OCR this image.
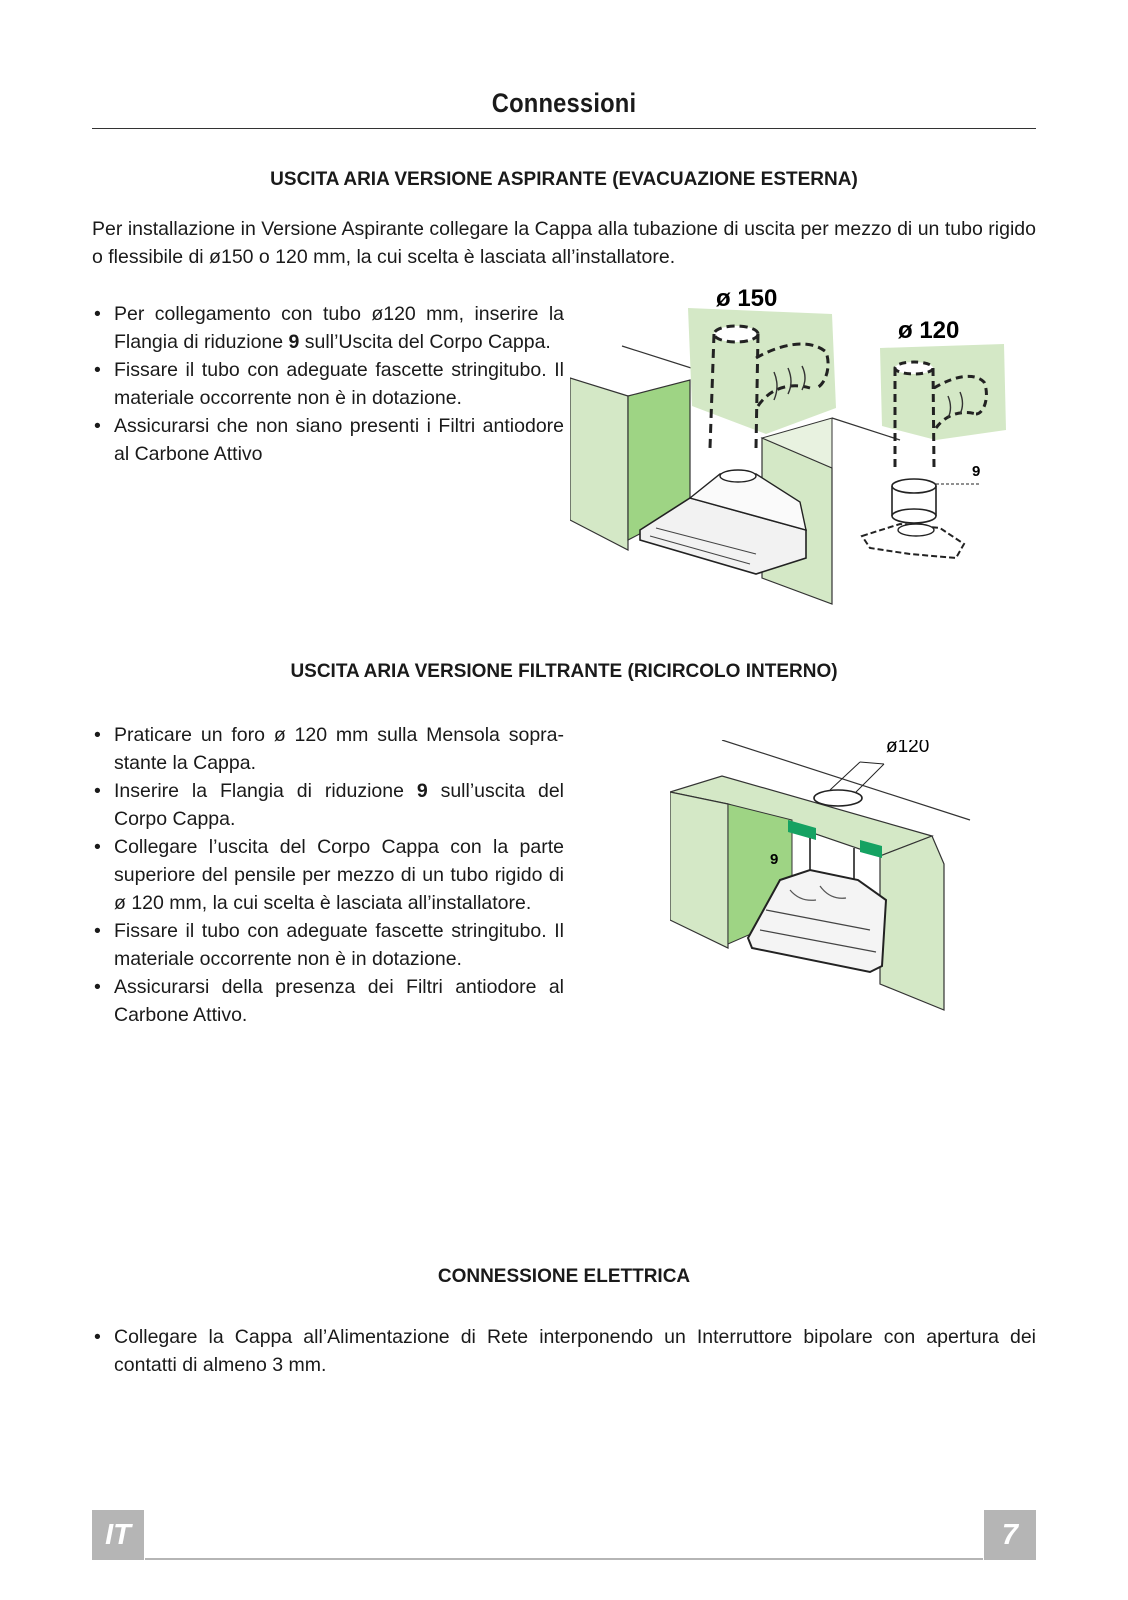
Connessioni
USCITA ARIA VERSIONE ASPIRANTE (EVACUAZIONE ESTERNA)
Per installazione in Versione Aspirante collegare la Cappa alla tubazione di uscita per mezzo di un tubo rigido o flessibile di ø150 o 120 mm, la cui scelta è lasciata all’installatore.
• Per collegamento con tubo ø120 mm, inserire la Flangia di riduzione 9 sull’Uscita del Corpo Cappa.
• Fissare il tubo con adeguate fascette stringitubo. Il materiale occorrente non è in dotazione.
• Assicurarsi che non siano presenti i Filtri antiodore al Carbone Attivo
ø 150
ø 120
9
USCITA ARIA VERSIONE FILTRANTE (RICIRCOLO INTERNO)
• Praticare un foro ø 120 mm sulla Mensola sopra-stante la Cappa.
• Inserire la Flangia di riduzione 9 sull’uscita del Corpo Cappa.
• Collegare l’uscita del Corpo Cappa con la parte superiore del pensile per mezzo di un tubo rigido di ø 120 mm, la cui scelta è lasciata all’installatore.
• Fissare il tubo con adeguate fascette stringitubo. Il materiale occorrente non è in dotazione.
• Assicurarsi della presenza dei Filtri antiodore al Carbone Attivo.
ø120
9
CONNESSIONE ELETTRICA
• Collegare la Cappa all’Alimentazione di Rete interponendo un Interruttore bipolare con apertura dei contatti di almeno 3 mm.
IT	7
